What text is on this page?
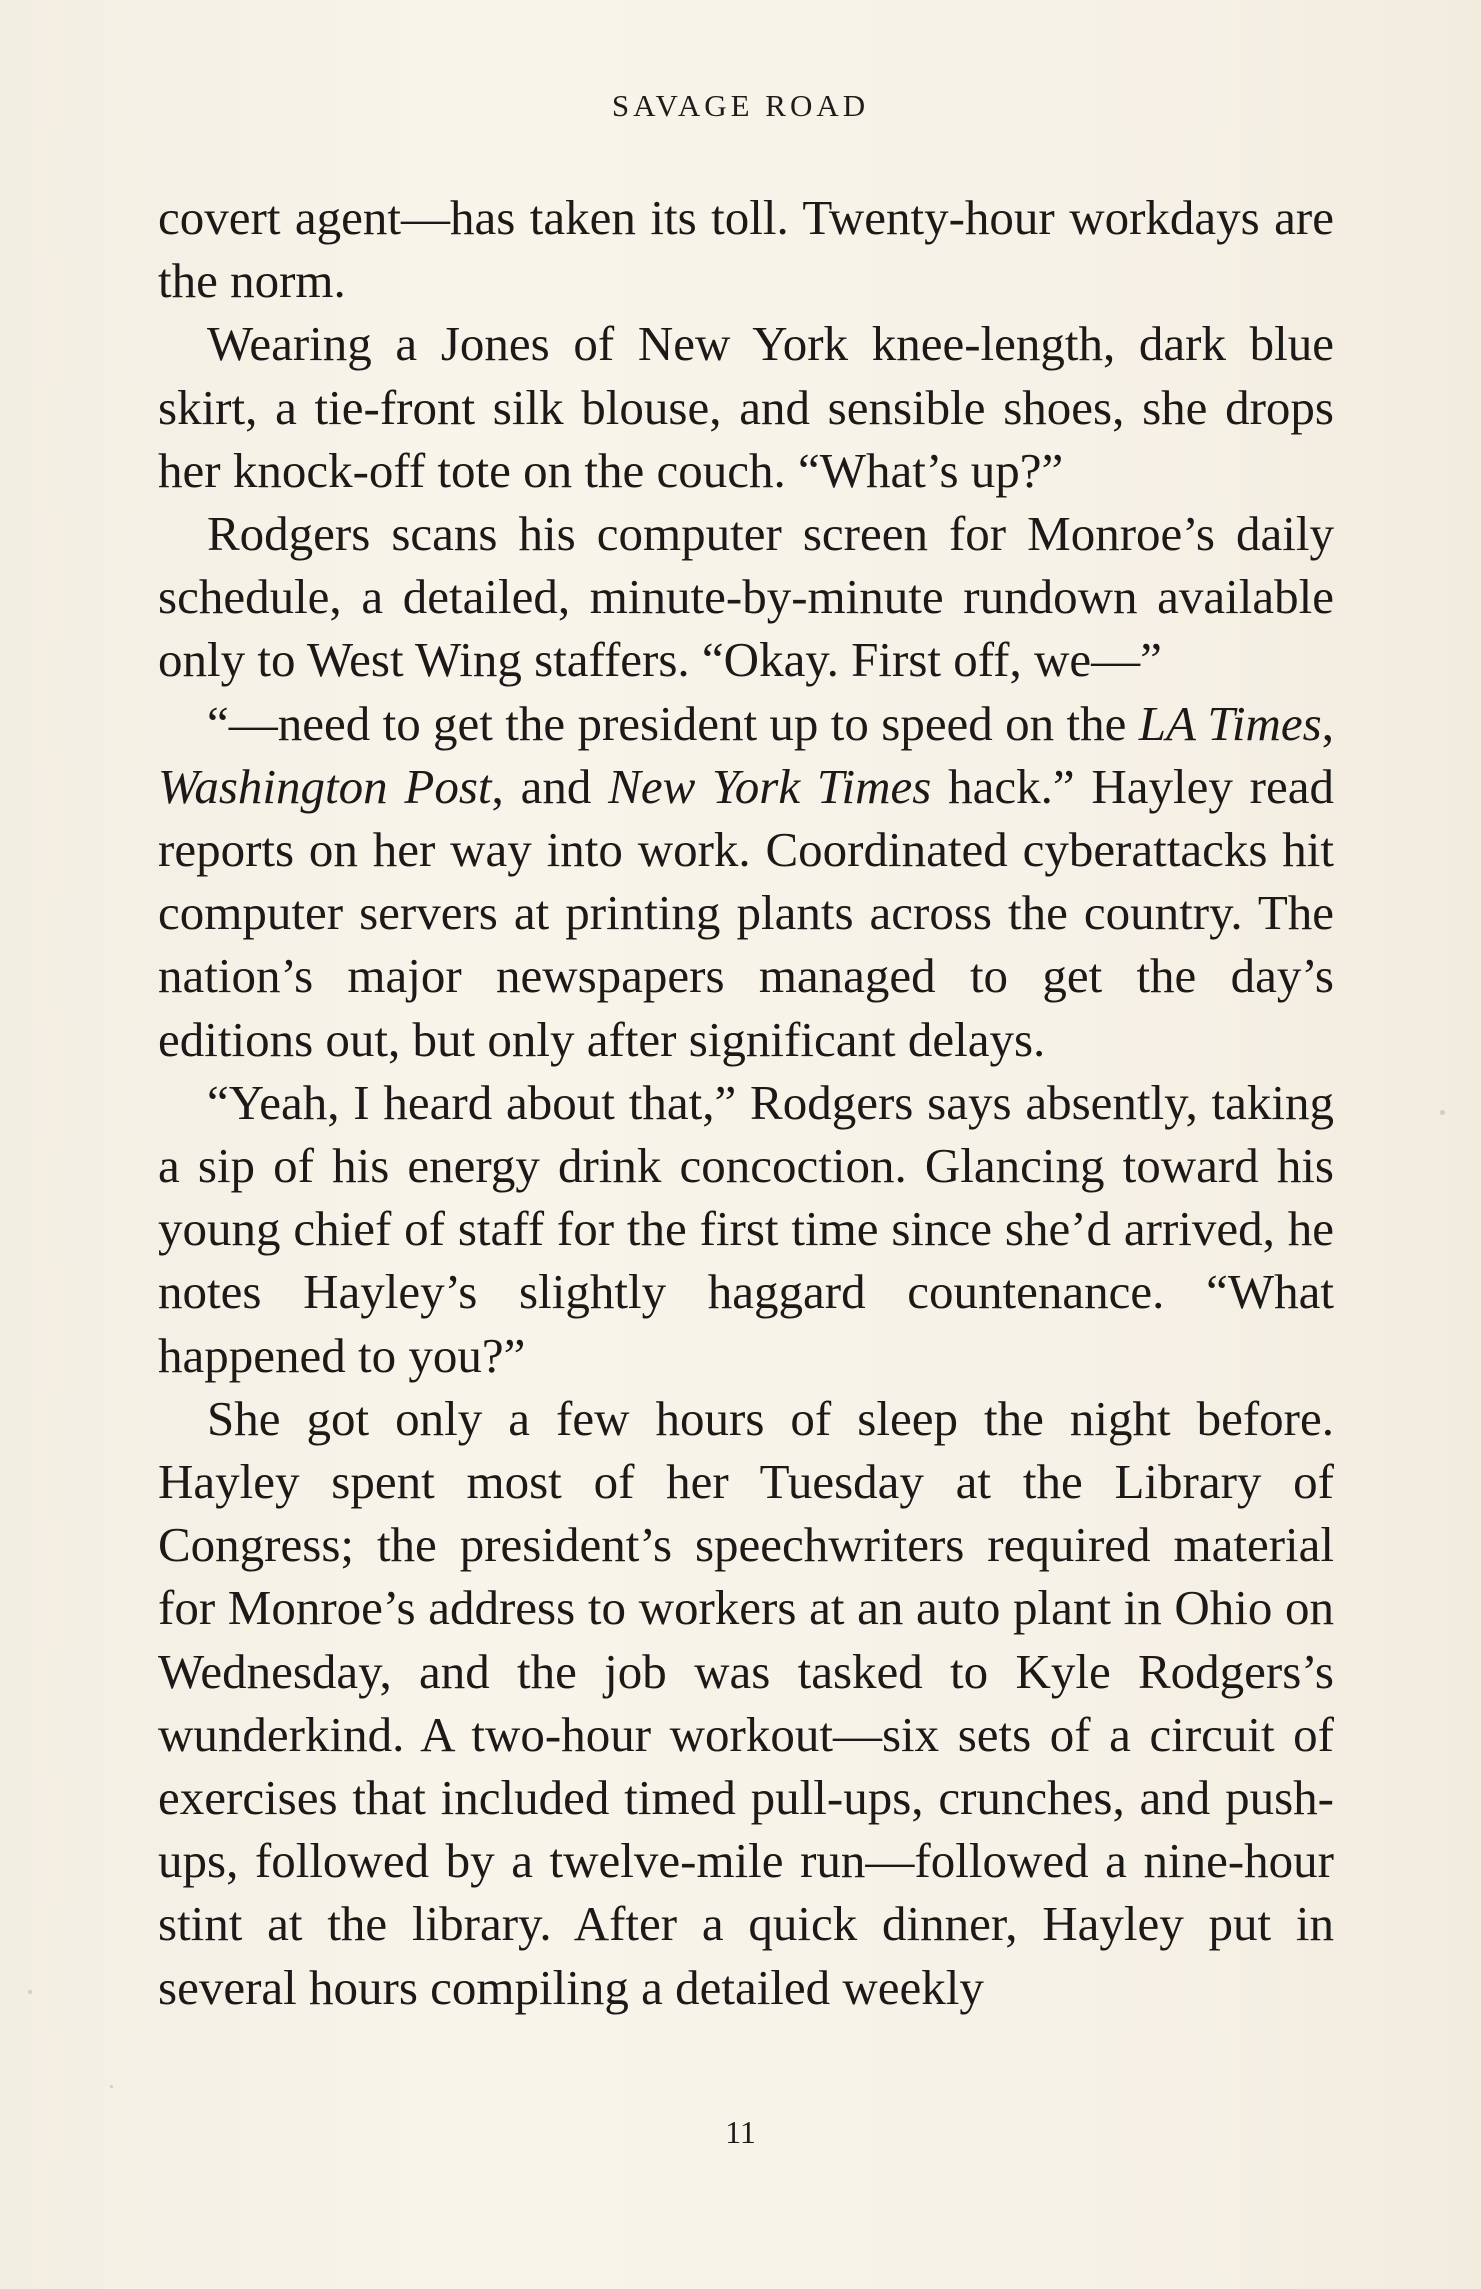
SAVAGE ROAD

covert agent—has taken its toll. Twenty-hour workdays are the norm.

Wearing a Jones of New York knee-length, dark blue skirt, a tie-front silk blouse, and sensible shoes, she drops her knock-off tote on the couch. “What’s up?”

Rodgers scans his computer screen for Monroe’s daily schedule, a detailed, minute-by-minute rundown available only to West Wing staffers. “Okay. First off, we—”

“—need to get the president up to speed on the LA Times, Washington Post, and New York Times hack.” Hayley read reports on her way into work. Coordinated cyberattacks hit computer servers at printing plants across the country. The nation’s major newspapers managed to get the day’s editions out, but only after significant delays.

“Yeah, I heard about that,” Rodgers says absently, taking a sip of his energy drink concoction. Glancing toward his young chief of staff for the first time since she’d arrived, he notes Hayley’s slightly haggard countenance. “What happened to you?”

She got only a few hours of sleep the night before. Hayley spent most of her Tuesday at the Library of Congress; the president’s speechwriters required material for Monroe’s address to workers at an auto plant in Ohio on Wednesday, and the job was tasked to Kyle Rodgers’s wunderkind. A two-hour workout—six sets of a circuit of exercises that included timed pull-ups, crunches, and push-ups, followed by a twelve-mile run—followed a nine-hour stint at the library. After a quick dinner, Hayley put in several hours compiling a detailed weekly

11
